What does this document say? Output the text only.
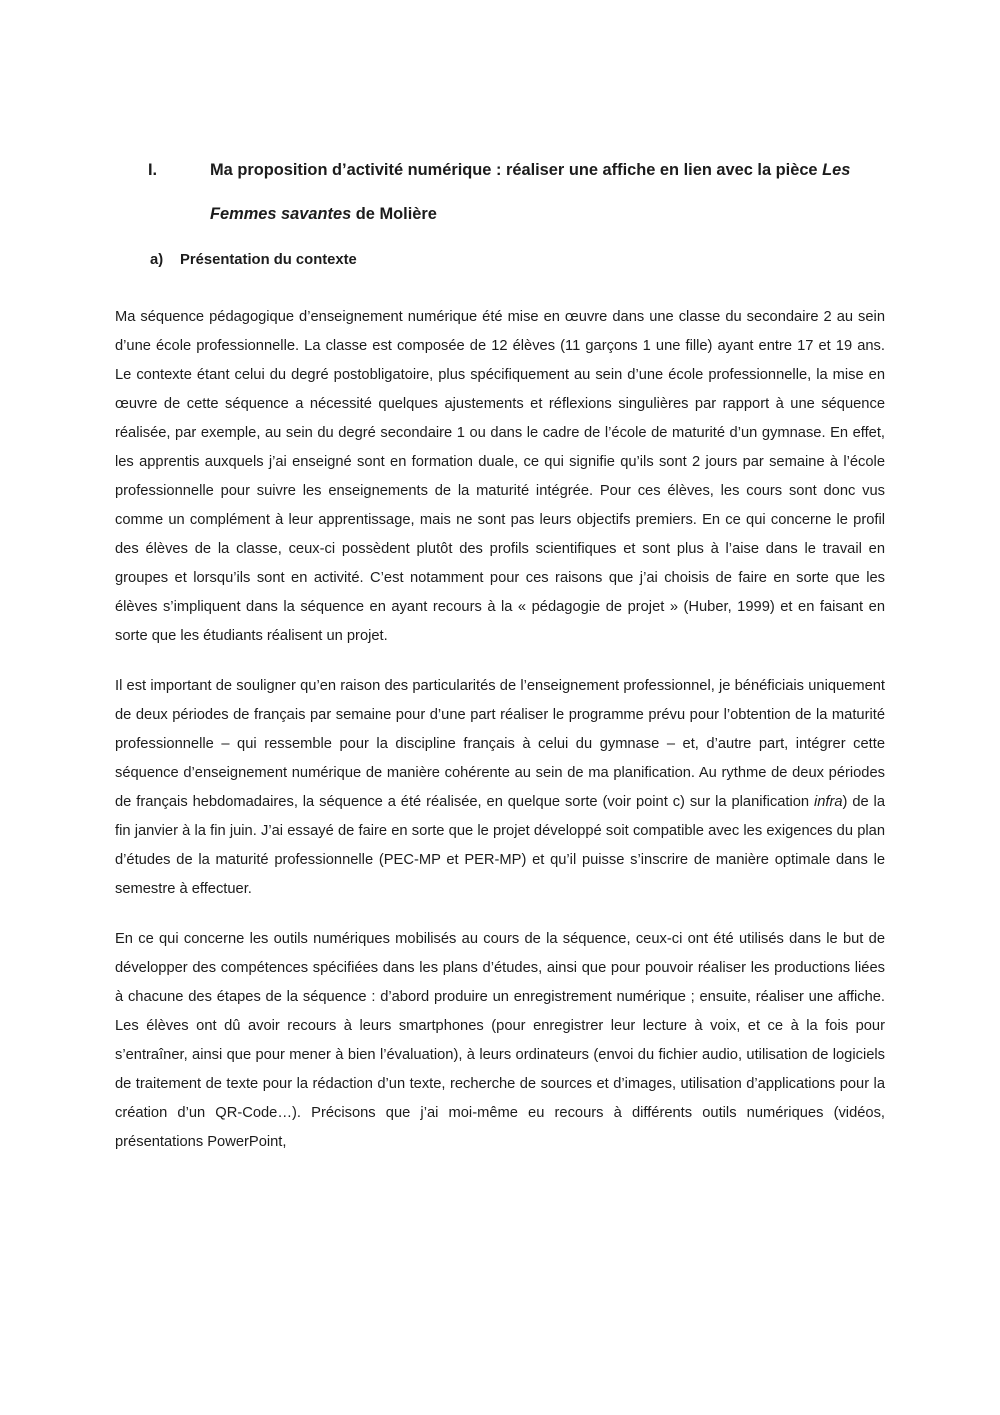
I.	Ma proposition d’activité numérique : réaliser une affiche en lien avec la pièce Les Femmes savantes de Molière
a)	Présentation du contexte

Ma séquence pédagogique d’enseignement numérique été mise en œuvre dans une classe du secondaire 2 au sein d’une école professionnelle. La classe est composée de 12 élèves (11 garçons 1 une fille) ayant entre 17 et 19 ans. Le contexte étant celui du degré postobligatoire, plus spécifiquement au sein d’une école professionnelle, la mise en œuvre de cette séquence a nécessité quelques ajustements et réflexions singulières par rapport à une séquence réalisée, par exemple, au sein du degré secondaire 1 ou dans le cadre de l’école de maturité d’un gymnase. En effet, les apprentis auxquels j’ai enseigné sont en formation duale, ce qui signifie qu’ils sont 2 jours par semaine à l’école professionnelle pour suivre les enseignements de la maturité intégrée. Pour ces élèves, les cours sont donc vus comme un complément à leur apprentissage, mais ne sont pas leurs objectifs premiers. En ce qui concerne le profil des élèves de la classe, ceux-ci possèdent plutôt des profils scientifiques et sont plus à l’aise dans le travail en groupes et lorsqu’ils sont en activité. C’est notamment pour ces raisons que j’ai choisis de faire en sorte que les élèves s’impliquent dans la séquence en ayant recours à la « pédagogie de projet » (Huber, 1999) et en faisant en sorte que les étudiants réalisent un projet.

Il est important de souligner qu’en raison des particularités de l’enseignement professionnel, je bénéficiais uniquement de deux périodes de français par semaine pour d’une part réaliser le programme prévu pour l’obtention de la maturité professionnelle – qui ressemble pour la discipline français à celui du gymnase – et, d’autre part, intégrer cette séquence d’enseignement numérique de manière cohérente au sein de ma planification. Au rythme de deux périodes de français hebdomadaires, la séquence a été réalisée, en quelque sorte (voir point c) sur la planification infra) de la fin janvier à la fin juin. J’ai essayé de faire en sorte que le projet développé soit compatible avec les exigences du plan d’études de la maturité professionnelle (PEC-MP et PER-MP) et qu’il puisse s’inscrire de manière optimale dans le semestre à effectuer.

En ce qui concerne les outils numériques mobilisés au cours de la séquence, ceux-ci ont été utilisés dans le but de développer des compétences spécifiées dans les plans d’études, ainsi que pour pouvoir réaliser les productions liées à chacune des étapes de la séquence : d’abord produire un enregistrement numérique ; ensuite, réaliser une affiche. Les élèves ont dû avoir recours à leurs smartphones (pour enregistrer leur lecture à voix, et ce à la fois pour s’entraîner, ainsi que pour mener à bien l’évaluation), à leurs ordinateurs (envoi du fichier audio, utilisation de logiciels de traitement de texte pour la rédaction d’un texte, recherche de sources et d’images, utilisation d’applications pour la création d’un QR-Code…). Précisons que j’ai moi-même eu recours à différents outils numériques (vidéos, présentations PowerPoint,
